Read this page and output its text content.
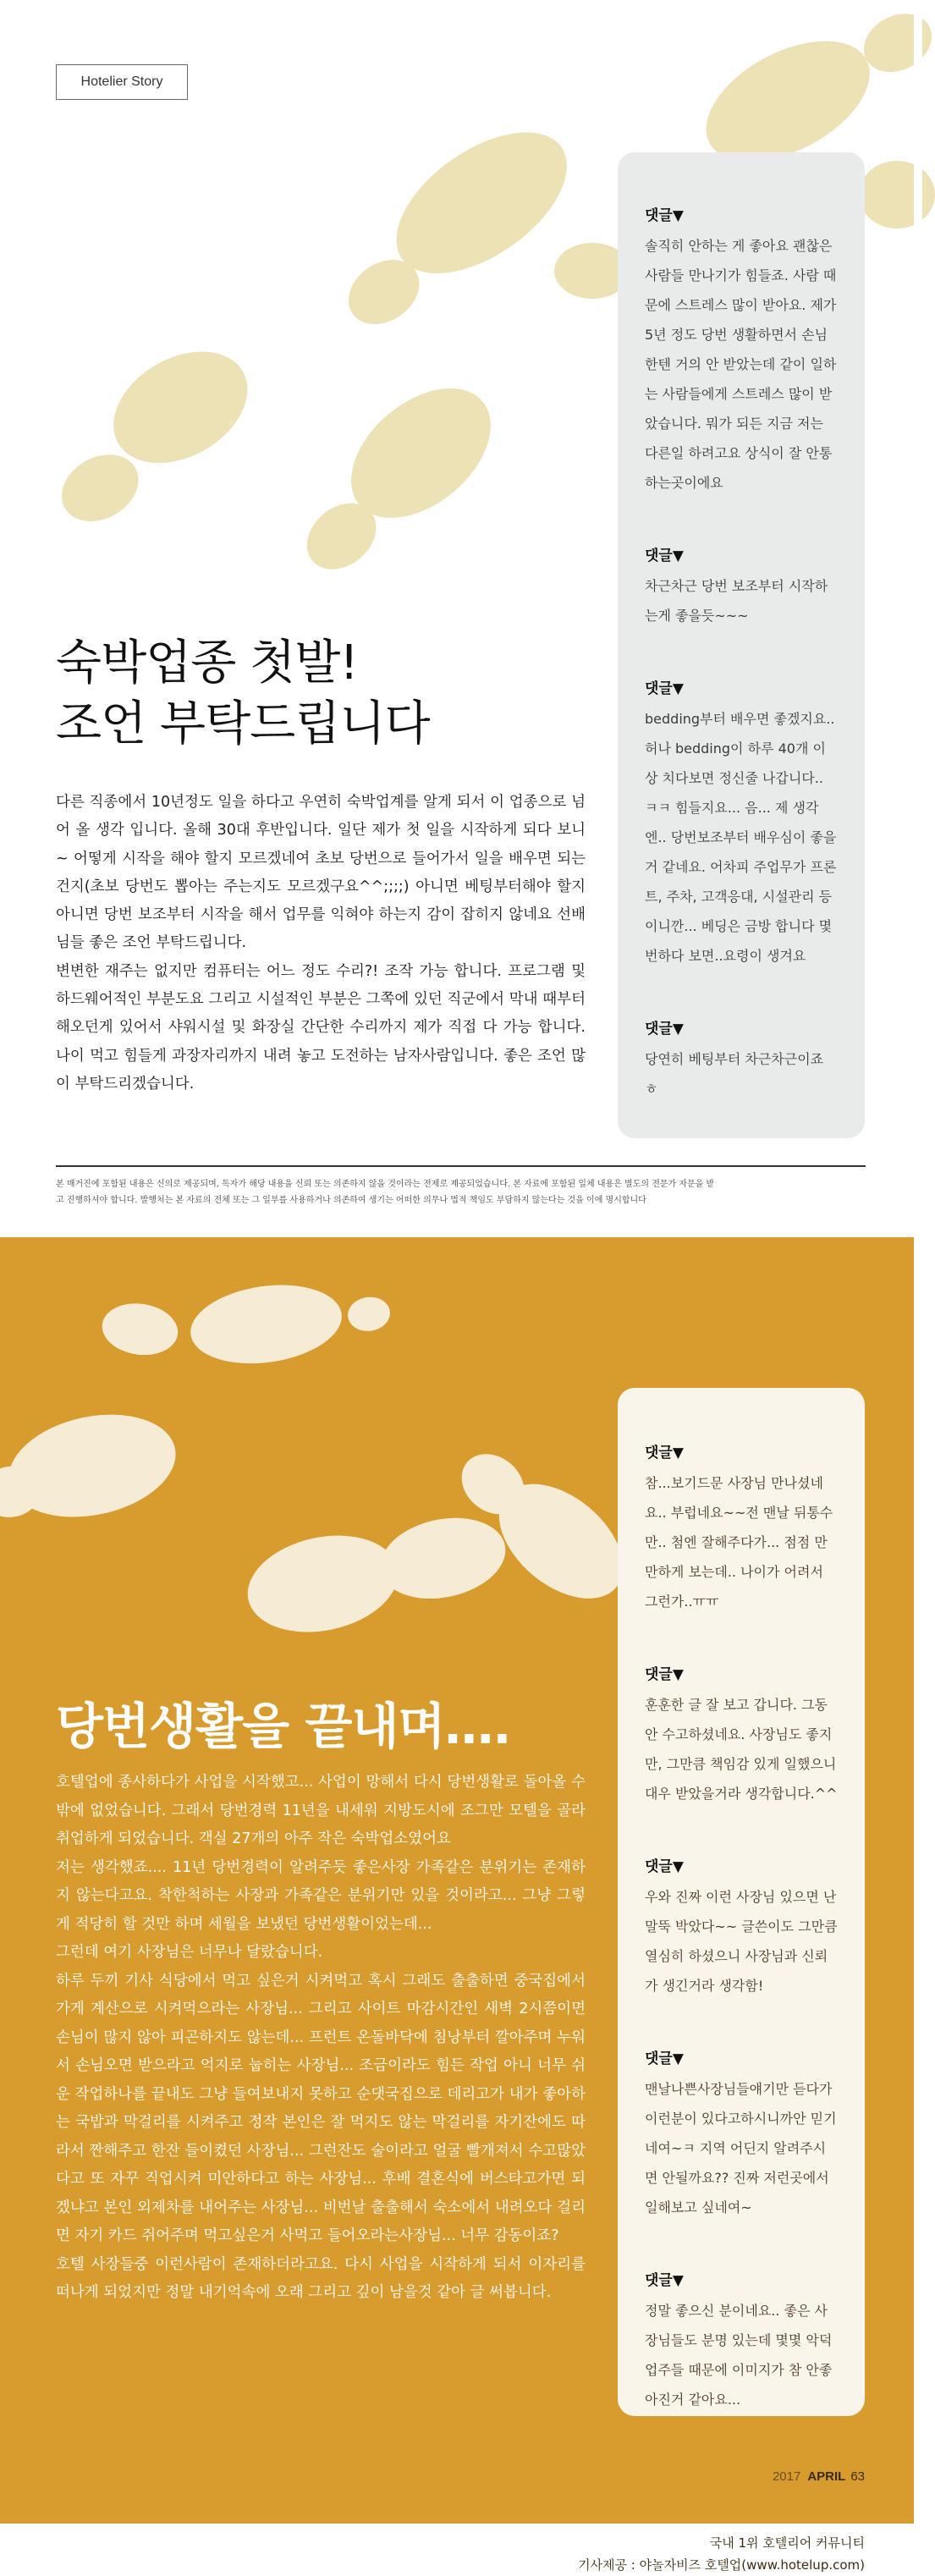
Hotelier Story
댓글▼
솔직히 안하는 게 좋아요 괜찮은 사람들 만나기가 힘들죠. 사람 때문에 스트레스 많이 받아요. 제가 5년 정도 당번 생활하면서 손님한텐 거의 안 받았는데 같이 일하는 사람들에게 스트레스 많이 받았습니다. 뭐가 되든 지금 저는 다른일 하려고요 상식이 잘 안통하는곳이에요
댓글▼
차근차근 당번 보조부터 시작하는게 좋을듯~~~
댓글▼
bedding부터 배우면 좋겠지요.. 허나 bedding이 하루 40개 이상 치다보면 정신줄 나갑니다.. ㅋㅋ 힘들지요... 음... 제 생각엔.. 당번보조부터 배우심이 좋을거 같네요. 어차피 주업무가 프론트, 주차, 고객응대, 시설관리 등이니깐... 베딩은 금방 합니다 몇번하다 보면..요령이 생겨요
댓글▼
당연히 베팅부터 차근차근이죠 ㅎ
숙박업종 첫발!
조언 부탁드립니다

다른 직종에서 10년정도 일을 하다고 우연히 숙박업계를 알게 되서 이 업종으로 넘어 올 생각 입니다. 올해 30대 후반입니다. 일단 제가 첫 일을 시작하게 되다 보니~ 어떻게 시작을 해야 할지 모르겠네여 초보 당번으로 들어가서 일을 배우면 되는건지(초보 당번도 뽑아는 주는지도 모르겠구요^^;;;;) 아니면 베팅부터해야 할지 아니면 당번 보조부터 시작을 해서 업무를 익혀야 하는지 감이 잡히지 않네요 선배님들 좋은 조언 부탁드립니다.

변변한 재주는 없지만 컴퓨터는 어느 정도 수리?! 조작 가능 합니다. 프로그램 및 하드웨어적인 부분도요 그리고 시설적인 부분은 그쪽에 있던 직군에서 막내 때부터 해오던게 있어서 샤워시설 및 화장실 간단한 수리까지 제가 직접 다 가능 합니다. 나이 먹고 힘들게 과장자리까지 내려 놓고 도전하는 남자사람입니다. 좋은 조언 많이 부탁드리겠습니다.

본 매거진에 포함된 내용은 신의로 제공되며, 독자가 해당 내용을 신뢰 또는 의존하지 않을 것이라는 전제로 제공되었습니다. 본 자료에 포함된 일체 내용은 별도의 전문가 자문을 받
고 진행하셔야 합니다. 발행처는 본 자료의 전체 또는 그 일부를 사용하거나 의존하여 생기는 어떠한 의무나 법적 책임도 부담하지 않는다는 것을 이에 명시합니다
국내 1위 호텔리어 커뮤니티
기사제공 : 야놀자비즈 호텔업(www.hotelup.com)
댓글▼
참...보기드문 사장님 만나셨네요.. 부럽네요~~전 맨날 뒤통수만.. 첨엔 잘해주다가... 점점 만만하게 보는데.. 나이가 어려서 그런가..ㅠㅠ
댓글▼
훈훈한 글 잘 보고 갑니다. 그동안 수고하셨네요. 사장님도 좋지만, 그만큼 책임감 있게 일했으니 대우 받았을거라 생각합니다.^^
댓글▼
우와 진짜 이런 사장님 있으면 난 말뚝 박았다~~ 글쓴이도 그만큼 열심히 하셨으니 사장님과 신뢰가 생긴거라 생각함!
댓글▼
맨날나쁜사장님들얘기만 듣다가 이런분이 있다고하시니까안 믿기네여~ㅋ 지역 어딘지 알려주시면 안될까요?? 진짜 저런곳에서 일해보고 싶네여~
댓글▼
정말 좋으신 분이네요.. 좋은 사장님들도 분명 있는데 몇몇 악덕업주들 때문에 이미지가 참 안좋아진거 같아요...
당번생활을 끝내며….

호텔업에 종사하다가 사업을 시작했고... 사업이 망해서 다시 당번생활로 돌아올 수 밖에 없었습니다. 그래서 당번경력 11년을 내세워 지방도시에 조그만 모텔을 골라 취업하게 되었습니다. 객실 27개의 아주 작은 숙박업소였어요

저는 생각했죠.... 11년 당번경력이 알려주듯 좋은사장 가족같은 분위기는 존재하지 않는다고요. 착한척하는 사장과 가족같은 분위기만 있을 것이라고... 그냥 그렇게 적당히 할 것만 하며 세월을 보냈던 당번생활이었는데...

그런데 여기 사장님은 너무나 달랐습니다.

하루 두끼 기사 식당에서 먹고 싶은거 시켜먹고 혹시 그래도 출출하면 중국집에서 가게 계산으로 시켜먹으라는 사장님... 그리고 사이트 마감시간인 새벽 2시쯤이면 손님이 많지 않아 피곤하지도 않는데... 프런트 온돌바닥에 침낭부터 깔아주며 누워서 손님오면 받으라고 억지로 눕히는 사장님... 조금이라도 힘든 작업 아니 너무 쉬운 작업하나를 끝내도 그냥 들여보내지 못하고 순댓국집으로 데리고가 내가 좋아하는 국밥과 막걸리를 시켜주고 정작 본인은 잘 먹지도 않는 막걸리를 자기잔에도 따라서 짠해주고 한잔 들이켰던 사장님... 그런잔도 술이라고 얼굴 빨개져서 수고많았다고 또 자꾸 직업시켜 미안하다고 하는 사장님... 후배 결혼식에 버스타고가면 되겠냐고 본인 외제차를 내어주는 사장님... 비번날 출출해서 숙소에서 내려오다 걸리면 자기 카드 쥐어주며 먹고싶은거 사먹고 들어오라는사장님... 너무 감동이죠?

호텔 사장들중 이런사람이 존재하더라고요. 다시 사업을 시작하게 되서 이자리를 떠나게 되었지만 정말 내기억속에 오래 그리고 깊이 남을것 같아 글 써봅니다.

2017 APRIL 63
